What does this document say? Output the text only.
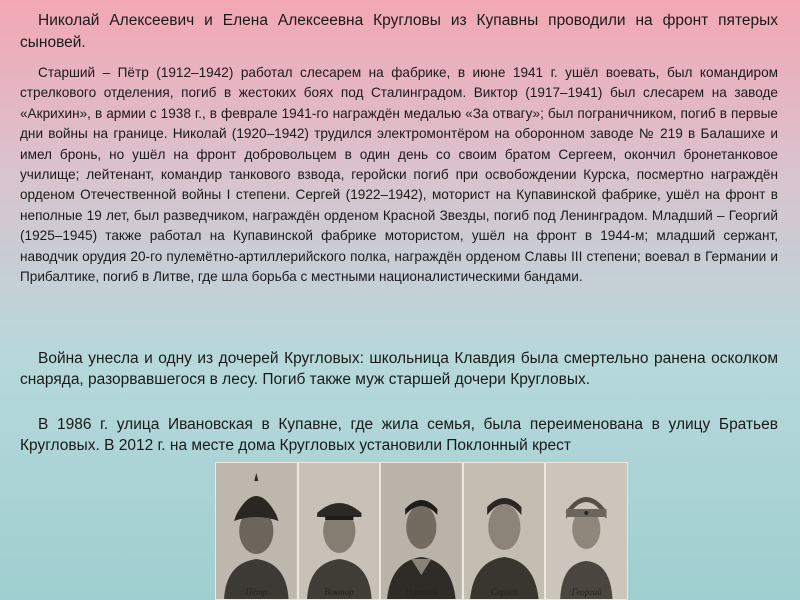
Николай Алексеевич и Елена Алексеевна Кругловы из Купавны проводили на фронт пятерых сыновей.

Старший – Пётр (1912–1942) работал слесарем на фабрике, в июне 1941 г. ушёл воевать, был командиром стрелкового отделения, погиб в жестоких боях под Сталинградом. Виктор (1917–1941) был слесарем на заводе «Акрихин», в армии с 1938 г., в феврале 1941-го награждён медалью «За отвагу»; был пограничником, погиб в первые дни войны на границе. Николай (1920–1942) трудился электромонтёром на оборонном заводе № 219 в Балашихе и имел бронь, но ушёл на фронт добровольцем в один день со своим братом Сергеем, окончил бронетанковое училище; лейтенант, командир танкового взвода, геройски погиб при освобождении Курска, посмертно награждён орденом Отечественной войны I степени. Сергей (1922–1942), моторист на Купавинской фабрике, ушёл на фронт в неполные 19 лет, был разведчиком, награждён орденом Красной Звезды, погиб под Ленинградом. Младший – Георгий (1925–1945) также работал на Купавинской фабрике мотористом, ушёл на фронт в 1944-м; младший сержант, наводчик орудия 20-го пулемётно-артиллерийского полка, награждён орденом Славы III степени; воевал в Германии и Прибалтике, погиб в Литве, где шла борьба с местными националистическими бандами.

Война унесла и одну из дочерей Кругловых: школьница Клавдия была смертельно ранена осколком снаряда, разорвавшегося в лесу. Погиб также муж старшей дочери Кругловых.

В 1986 г. улица Ивановская в Купавне, где жила семья, была переименована в улицу Братьев Кругловых. В 2012 г. на месте дома Кругловых установили Поклонный крест

Пётр	Виктор	Николай	Сергей	Георгий
